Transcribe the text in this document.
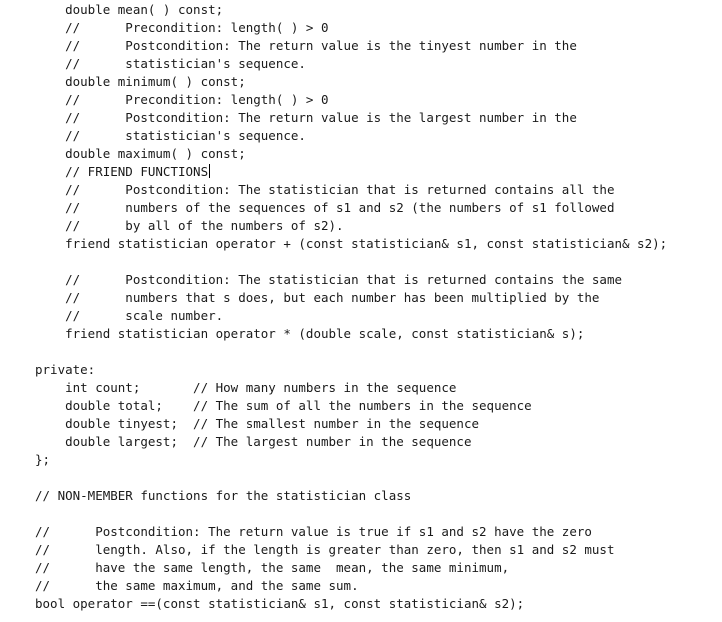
double mean( ) const;
//      Precondition: length( ) > 0
//      Postcondition: The return value is the tinyest number in the
//      statistician's sequence.
double minimum( ) const;
//      Precondition: length( ) > 0
//      Postcondition: The return value is the largest number in the
//      statistician's sequence.
double maximum( ) const;
// FRIEND FUNCTIONS
//      Postcondition: The statistician that is returned contains all the
//      numbers of the sequences of s1 and s2 (the numbers of s1 followed
//      by all of the numbers of s2).
friend statistician operator + (const statistician& s1, const statistician& s2);
//      Postcondition: The statistician that is returned contains the same
//      numbers that s does, but each number has been multiplied by the
//      scale number.
friend statistician operator * (double scale, const statistician& s);
private:
int count;       // How many numbers in the sequence
double total;    // The sum of all the numbers in the sequence
double tinyest;  // The smallest number in the sequence
double largest;  // The largest number in the sequence
};
// NON-MEMBER functions for the statistician class
//      Postcondition: The return value is true if s1 and s2 have the zero
//      length. Also, if the length is greater than zero, then s1 and s2 must
//      have the same length, the same  mean, the same minimum,
//      the same maximum, and the same sum.
bool operator ==(const statistician& s1, const statistician& s2);
